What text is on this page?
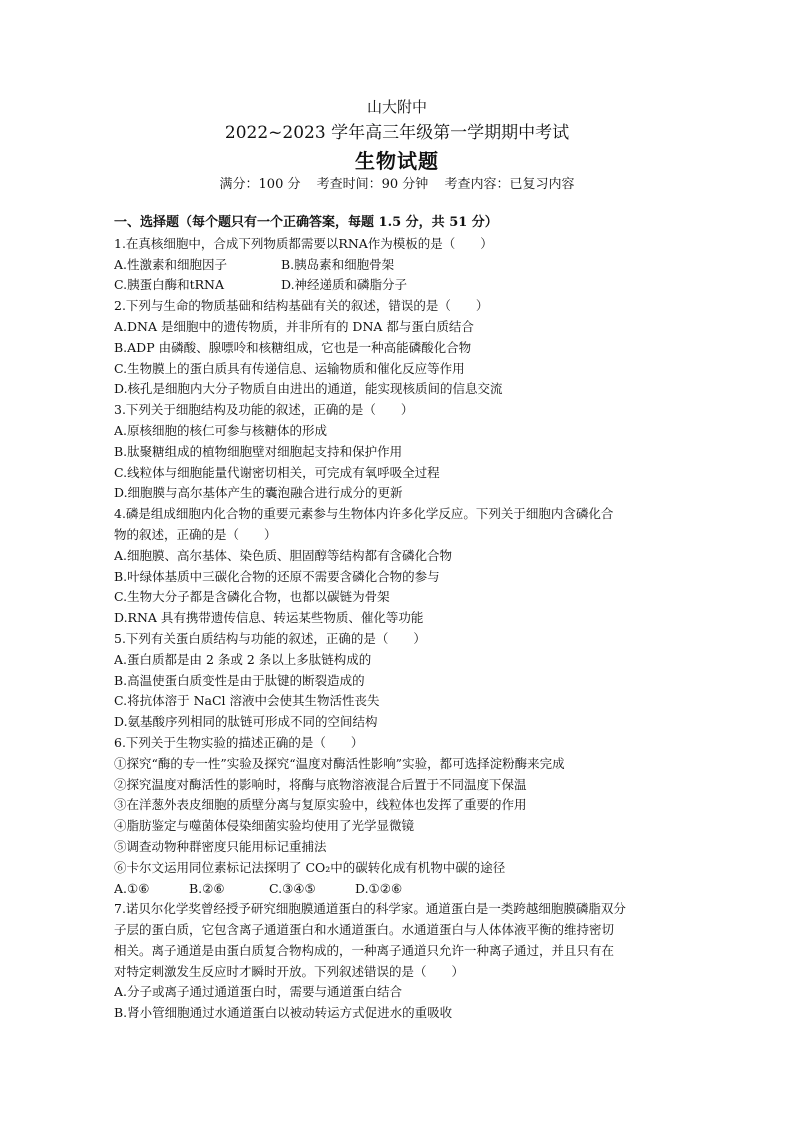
山大附中
2022~2023 学年高三年级第一学期期中考试
生物试题
满分：100 分 考查时间：90 分钟 考查内容：已复习内容
一、选择题（每个题只有一个正确答案，每题 1.5 分，共 51 分）
1.在真核细胞中，合成下列物质都需要以RNA作为模板的是（　　）
A.性激素和细胞因子	B.胰岛素和细胞骨架
C.胰蛋白酶和tRNA	D.神经递质和磷脂分子
2.下列与生命的物质基础和结构基础有关的叙述，错误的是（　　）
A.DNA 是细胞中的遗传物质，并非所有的 DNA 都与蛋白质结合
B.ADP 由磷酸、腺嘌呤和核糖组成，它也是一种高能磷酸化合物
C.生物膜上的蛋白质具有传递信息、运输物质和催化反应等作用
D.核孔是细胞内大分子物质自由进出的通道，能实现核质间的信息交流
3.下列关于细胞结构及功能的叙述，正确的是（　　）
A.原核细胞的核仁可参与核糖体的形成
B.肽聚糖组成的植物细胞壁对细胞起支持和保护作用
C.线粒体与细胞能量代谢密切相关，可完成有氧呼吸全过程
D.细胞膜与高尔基体产生的囊泡融合进行成分的更新
4.磷是组成细胞内化合物的重要元素参与生物体内许多化学反应。下列关于细胞内含磷化合
物的叙述，正确的是（　　）
A.细胞膜、高尔基体、染色质、胆固醇等结构都有含磷化合物
B.叶绿体基质中三碳化合物的还原不需要含磷化合物的参与
C.生物大分子都是含磷化合物，也都以碳链为骨架
D.RNA 具有携带遗传信息、转运某些物质、催化等功能
5.下列有关蛋白质结构与功能的叙述，正确的是（　　）
A.蛋白质都是由 2 条或 2 条以上多肽链构成的
B.高温使蛋白质变性是由于肽键的断裂造成的
C.将抗体溶于 NaCl 溶液中会使其生物活性丧失
D.氨基酸序列相同的肽链可形成不同的空间结构
6.下列关于生物实验的描述正确的是（　　）
①探究“酶的专一性”实验及探究“温度对酶活性影响”实验，都可选择淀粉酶来完成
②探究温度对酶活性的影响时，将酶与底物溶液混合后置于不同温度下保温
③在洋葱外表皮细胞的质壁分离与复原实验中，线粒体也发挥了重要的作用
④脂肪鉴定与噬菌体侵染细菌实验均使用了光学显微镜
⑤调查动物种群密度只能用标记重捕法
⑥卡尔文运用同位素标记法探明了 CO₂中的碳转化成有机物中碳的途径
A.①⑥	B.②⑥	C.③④⑤	D.①②⑥
7.诺贝尔化学奖曾经授予研究细胞膜通道蛋白的科学家。通道蛋白是一类跨越细胞膜磷脂双分
子层的蛋白质，它包含离子通道蛋白和水通道蛋白。水通道蛋白与人体体液平衡的维持密切
相关。离子通道是由蛋白质复合物构成的，一种离子通道只允许一种离子通过，并且只有在
对特定刺激发生反应时才瞬时开放。下列叙述错误的是（　　）
A.分子或离子通过通道蛋白时，需要与通道蛋白结合
B.肾小管细胞通过水通道蛋白以被动转运方式促进水的重吸收
